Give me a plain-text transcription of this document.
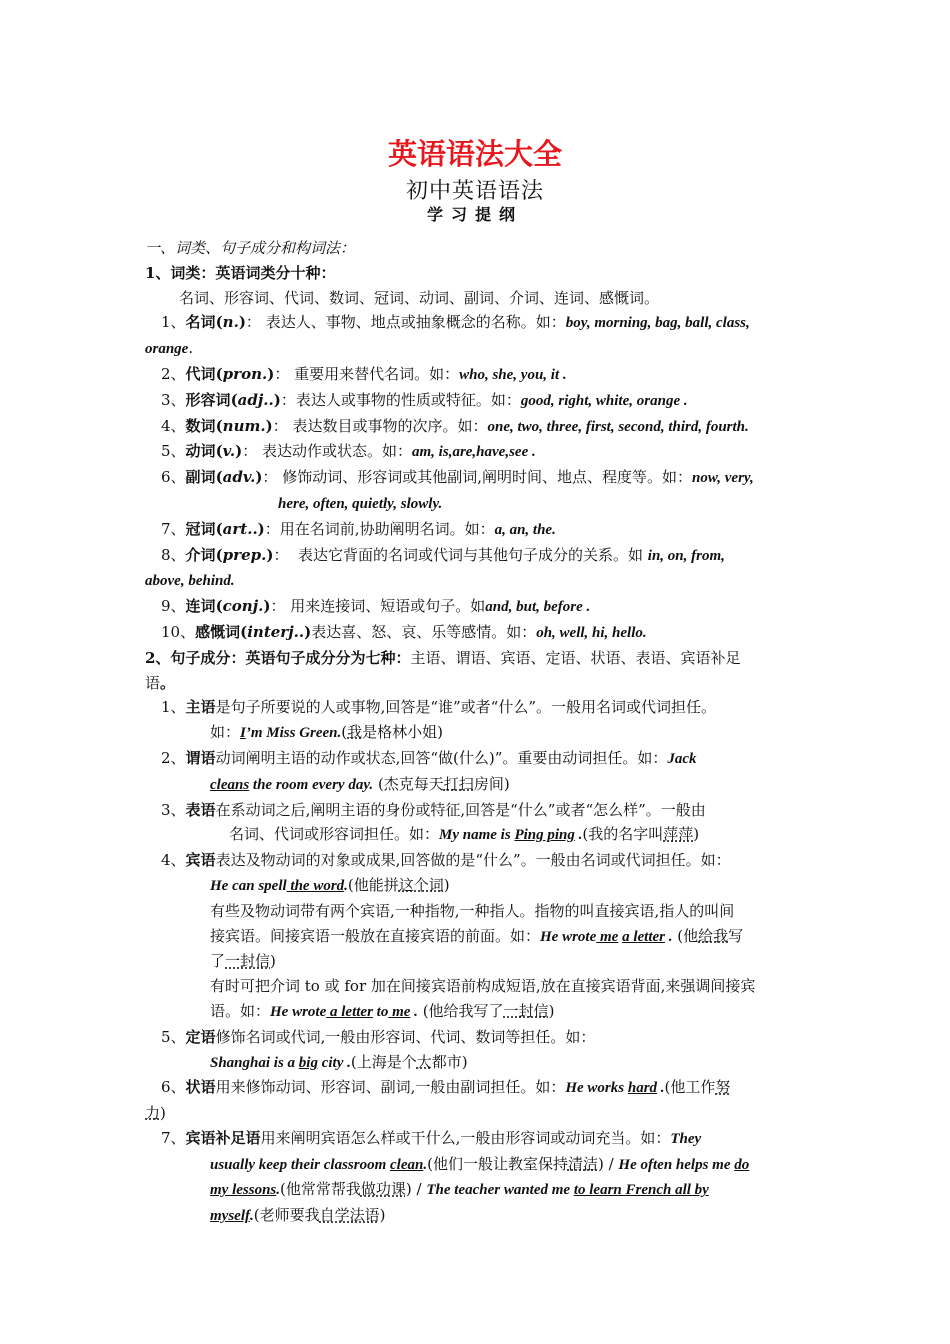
英语语法大全
初中英语语法
学习提纲
一、词类、句子成分和构词法：
1、词类：英语词类分十种：
名词、形容词、代词、数词、冠词、动词、副词、介词、连词、感慨词。
1、名词(n.)： 表达人、事物、地点或抽象概念的名称。如：boy, morning, bag, ball, class,
orange.
2、代词(pron.)： 重要用来替代名词。如：who, she, you, it .
3、形容词(adj..)：表达人或事物的性质或特征。如：good, right, white, orange .
4、数词(num.)： 表达数目或事物的次序。如：one, two, three, first, second, third, fourth.
5、动词(v.)： 表达动作或状态。如：am, is,are,have,see .
6、副词(adv.)： 修饰动词、形容词或其他副词,阐明时间、地点、程度等。如：now, very,
here, often, quietly, slowly.
7、冠词(art..)：用在名词前,协助阐明名词。如：a, an, the.
8、介词(prep.)：  表达它背面的名词或代词与其他句子成分的关系。如 in, on, from,
above, behind.
9、连词(conj.)： 用来连接词、短语或句子。如and, but, before .
10、感慨词(interj..)表达喜、怒、哀、乐等感情。如：oh, well, hi, hello.
2、句子成分：英语句子成分分为七种：主语、谓语、宾语、定语、状语、表语、宾语补足
语。
1、主语是句子所要说的人或事物,回答是“谁”或者“什么”。一般用名词或代词担任。
如：I’m Miss Green.(我是格林小姐)
2、谓语动词阐明主语的动作或状态,回答“做(什么)”。重要由动词担任。如：Jack
cleans the room every day. (杰克每天打扫房间)
3、表语在系动词之后,阐明主语的身份或特征,回答是“什么”或者“怎么样”。一般由
名词、代词或形容词担任。如：My name is Ping ping .(我的名字叫萍萍)
4、宾语表达及物动词的对象或成果,回答做的是“什么”。一般由名词或代词担任。如：
He can spell the word.(他能拼这个词)
有些及物动词带有两个宾语,一种指物,一种指人。指物的叫直接宾语,指人的叫间
接宾语。间接宾语一般放在直接宾语的前面。如：He wrote me a letter . (他给我写
了一封信)
有时可把介词 to 或 for 加在间接宾语前构成短语,放在直接宾语背面,来强调间接宾
语。如：He wrote a letter to me . (他给我写了一封信)
5、定语修饰名词或代词,一般由形容词、代词、数词等担任。如：
Shanghai is a big city .(上海是个大都市)
6、状语用来修饰动词、形容词、副词,一般由副词担任。如：He works hard .(他工作努
力)
7、宾语补足语用来阐明宾语怎么样或干什么,一般由形容词或动词充当。如：They
usually keep their classroom clean.(他们一般让教室保持清洁) / He often helps me do
my lessons.(他常常帮我做功课) / The teacher wanted me to learn French all by
myself.(老师要我自学法语)
